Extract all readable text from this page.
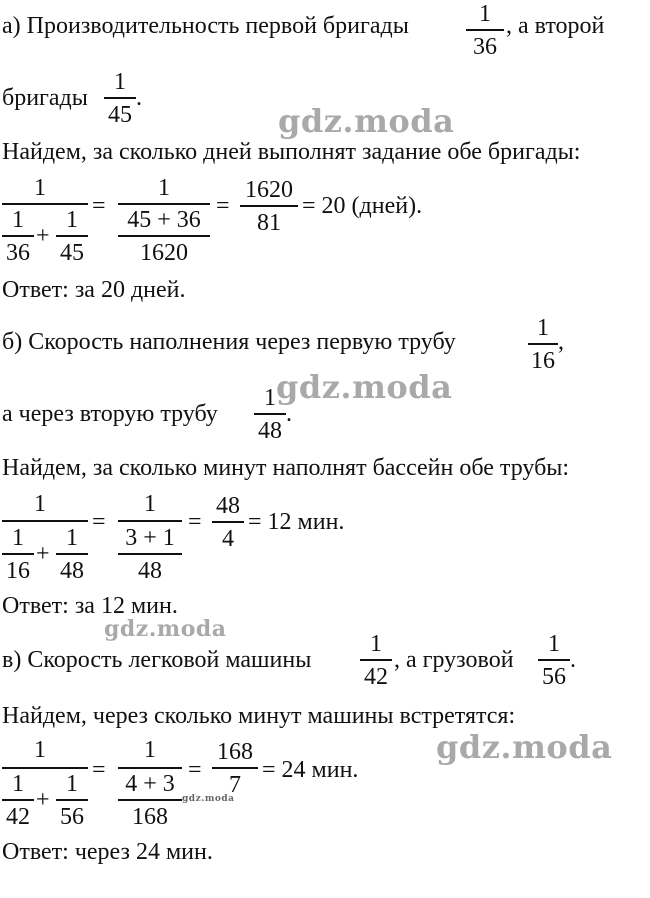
а) Производительность первой бригады	1
36
, а второй
бригады
1
45
.
Найдем, за сколько дней выполнят задание обе бригады:
1
1
36
+
1
45
=
1
45 + 36
1620
=
1620
81
= 20 (дней).
Ответ: за 20 дней.
б) Скорость наполнения через первую трубу
1
16
,
а через вторую трубу
1
48
.
Найдем, за сколько минут наполнят бассейн обе трубы:
1
1
16
+
1
48
=
1
3 + 1
48
=
48
4
= 12 мин.
Ответ: за 12 мин.
в) Скорость легковой машины
1
42
, а грузовой
1
56
.
Найдем, через сколько минут машины встретятся:
1
1
42
+
1
56
=
1
4 + 3
168
=
168
7
= 24 мин.
Ответ: через 24 мин.
gdz.moda
gdz.moda
gdz.moda
gdz.moda
gdz.moda
